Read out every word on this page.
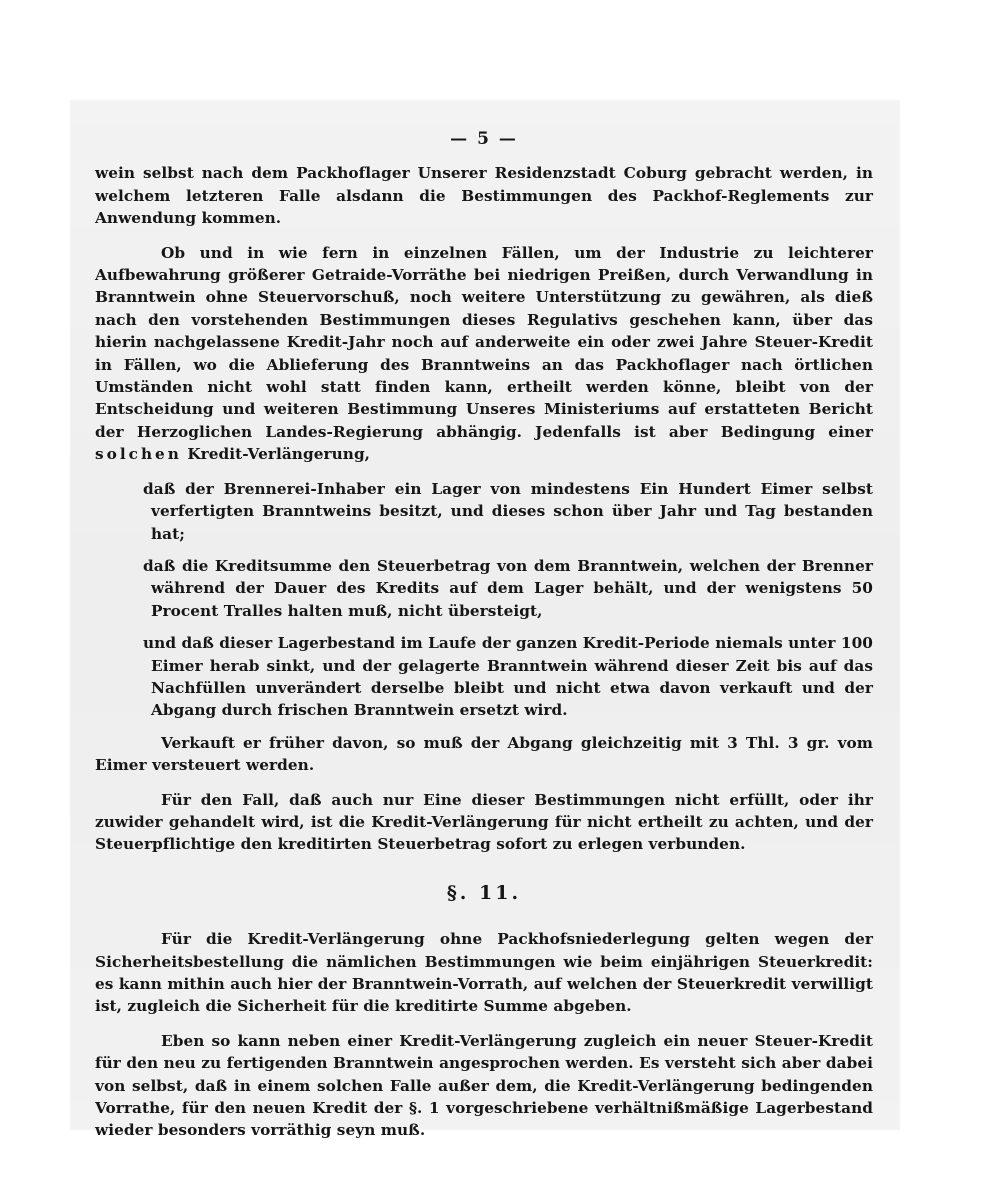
— 5 —

wein selbst nach dem Packhoflager Unserer Residenzstadt Coburg gebracht werden, in welchem letzteren Falle alsdann die Bestimmungen des Packhof-Reglements zur Anwendung kommen.

Ob und in wie fern in einzelnen Fällen, um der Industrie zu leichterer Aufbewahrung größerer Getraide-Vorräthe bei niedrigen Preißen, durch Verwandlung in Branntwein ohne Steuervorschuß, noch weitere Unterstützung zu gewähren, als dieß nach den vorstehenden Bestimmungen dieses Regulativs geschehen kann, über das hierin nachgelassene Kredit-Jahr noch auf anderweite ein oder zwei Jahre Steuer-Kredit in Fällen, wo die Ablieferung des Branntweins an das Packhoflager nach örtlichen Umständen nicht wohl statt finden kann, ertheilt werden könne, bleibt von der Entscheidung und weiteren Bestimmung Unseres Ministeriums auf erstatteten Bericht der Herzoglichen Landes-Regierung abhängig. Jedenfalls ist aber Bedingung einer solchen Kredit-Verlängerung,

daß der Brennerei-Inhaber ein Lager von mindestens Ein Hundert Eimer selbst verfertigten Branntweins besitzt, und dieses schon über Jahr und Tag bestanden hat;

daß die Kreditsumme den Steuerbetrag von dem Branntwein, welchen der Brenner während der Dauer des Kredits auf dem Lager behält, und der wenigstens 50 Procent Tralles halten muß, nicht übersteigt,

und daß dieser Lagerbestand im Laufe der ganzen Kredit-Periode niemals unter 100 Eimer herab sinkt, und der gelagerte Branntwein während dieser Zeit bis auf das Nachfüllen unverändert derselbe bleibt und nicht etwa davon verkauft und der Abgang durch frischen Branntwein ersetzt wird.

Verkauft er früher davon, so muß der Abgang gleichzeitig mit 3 Thl. 3 gr. vom Eimer versteuert werden.

Für den Fall, daß auch nur Eine dieser Bestimmungen nicht erfüllt, oder ihr zuwider gehandelt wird, ist die Kredit-Verlängerung für nicht ertheilt zu achten, und der Steuerpflichtige den kreditirten Steuerbetrag sofort zu erlegen verbunden.

§. 11.

Für die Kredit-Verlängerung ohne Packhofsniederlegung gelten wegen der Sicherheitsbestellung die nämlichen Bestimmungen wie beim einjährigen Steuerkredit: es kann mithin auch hier der Branntwein-Vorrath, auf welchen der Steuerkredit verwilligt ist, zugleich die Sicherheit für die kreditirte Summe abgeben.

Eben so kann neben einer Kredit-Verlängerung zugleich ein neuer Steuer-Kredit für den neu zu fertigenden Branntwein angesprochen werden. Es versteht sich aber dabei von selbst, daß in einem solchen Falle außer dem, die Kredit-Verlängerung bedingenden Vorrathe, für den neuen Kredit der §. 1 vorgeschriebene verhältnißmäßige Lagerbestand wieder besonders vorräthig seyn muß.
